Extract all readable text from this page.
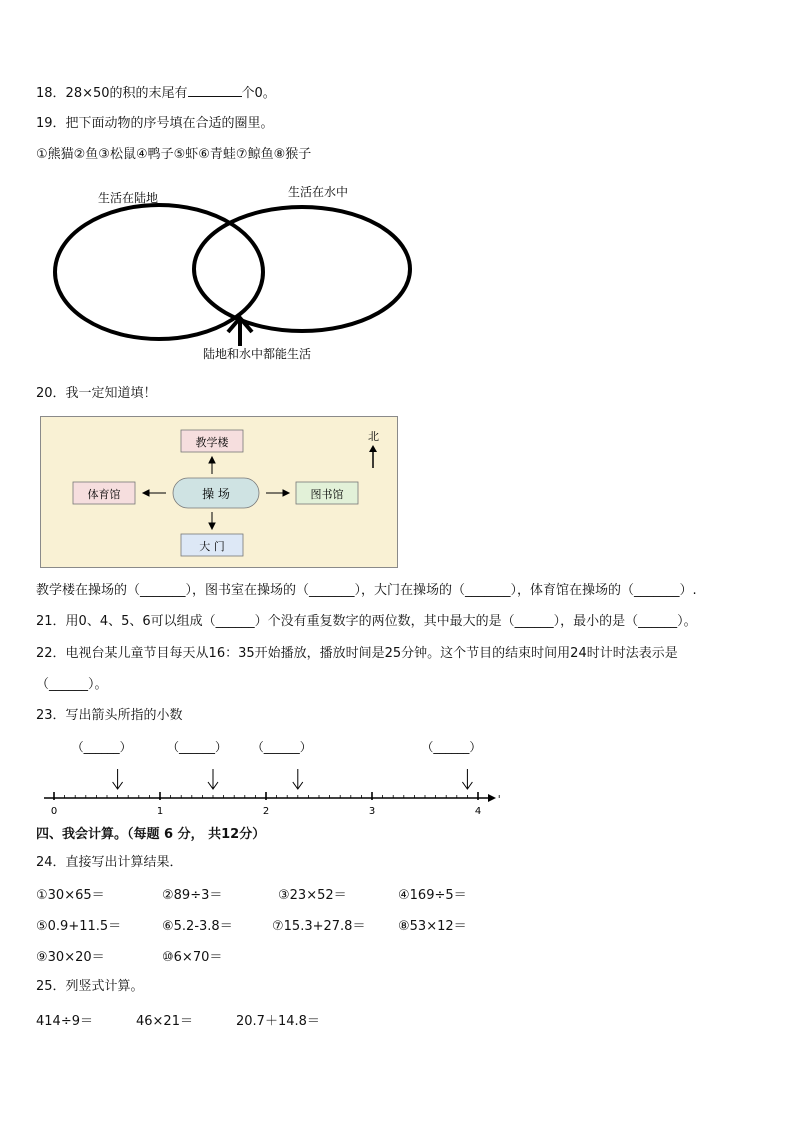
18．28×50的积的末尾有	个0。
19．把下面动物的序号填在合适的圈里。
①熊猫②鱼③松鼠④鸭子⑤虾⑥青蛙⑦鲸鱼⑧猴子
生活在陆地	生活在水中
陆地和水中都能生活
20．我一定知道填！
北
教学楼
操 场
体育馆	图书馆
大 门
教学楼在操场的（_______），图书室在操场的（_______），大门在操场的（_______），体育馆在操场的（_______）.
21．用0、4、5、6可以组成（______）个没有重复数字的两位数，其中最大的是（______），最小的是（______）。
22．电视台某儿童节目每天从16：35开始播放，播放时间是25分钟。这个节目的结束时间用24时计时法表示是
（______）。
23．写出箭头所指的小数
0	1	2	3	4
（______）	（______） （______）	（______）
四、我会计算。（每题 6 分， 共12分）
24．直接写出计算结果．
①30×65＝	②89÷3＝	③23×52＝	④169÷5＝
⑤0.9+11.5＝	⑥5.2-3.8＝	⑦15.3+27.8＝	⑧53×12＝
⑨30×20＝	⑩6×70＝
25．列竖式计算。
414÷9＝	46×21＝	20.7＋14.8＝
